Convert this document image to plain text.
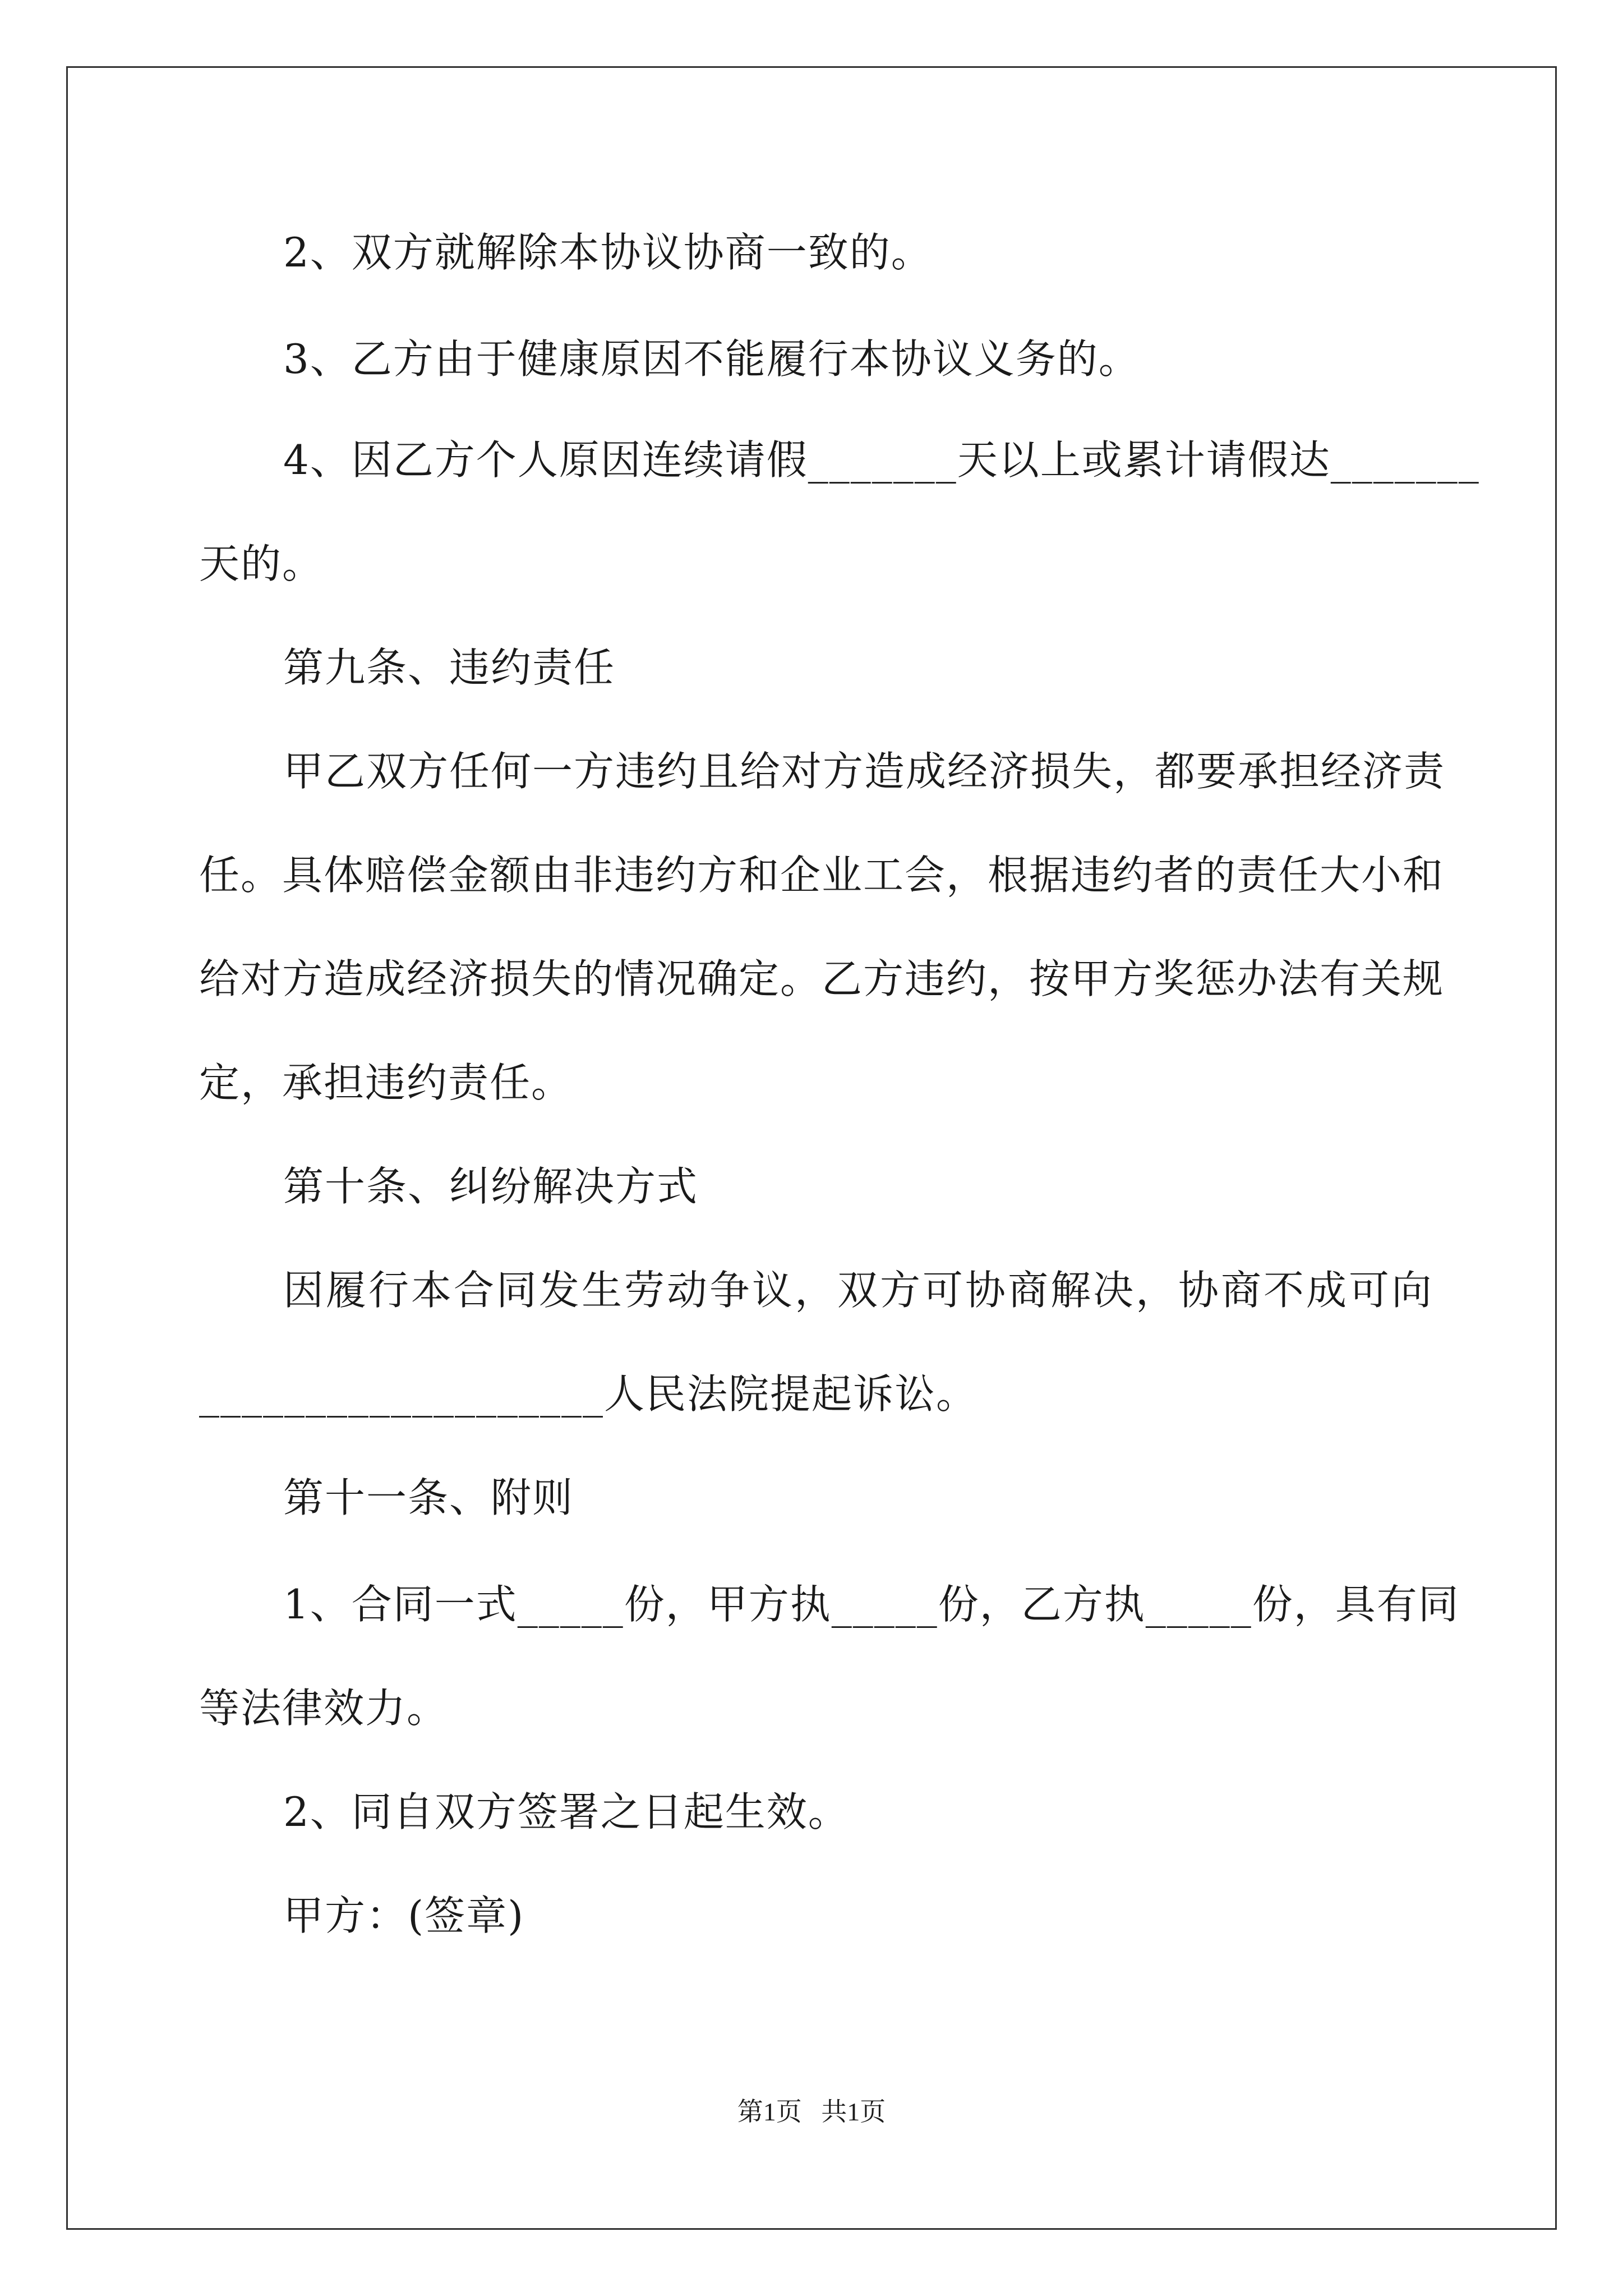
2、双方就解除本协议协商一致的。
3、乙方由于健康原因不能履行本协议义务的。
4、因乙方个人原因连续请假_______天以上或累计请假达_______
天的。
第九条、违约责任
甲乙双方任何一方违约且给对方造成经济损失，都要承担经济责
任。具体赔偿金额由非违约方和企业工会，根据违约者的责任大小和
给对方造成经济损失的情况确定。乙方违约，按甲方奖惩办法有关规
定，承担违约责任。
第十条、纠纷解决方式
因履行本合同发生劳动争议，双方可协商解决，协商不成可向
___________________人民法院提起诉讼。
第十一条、附则
1、合同一式_____份，甲方执_____份，乙方执_____份，具有同
等法律效力。
2、同自双方签署之日起生效。
甲方：(签章)
第1页   共1页
